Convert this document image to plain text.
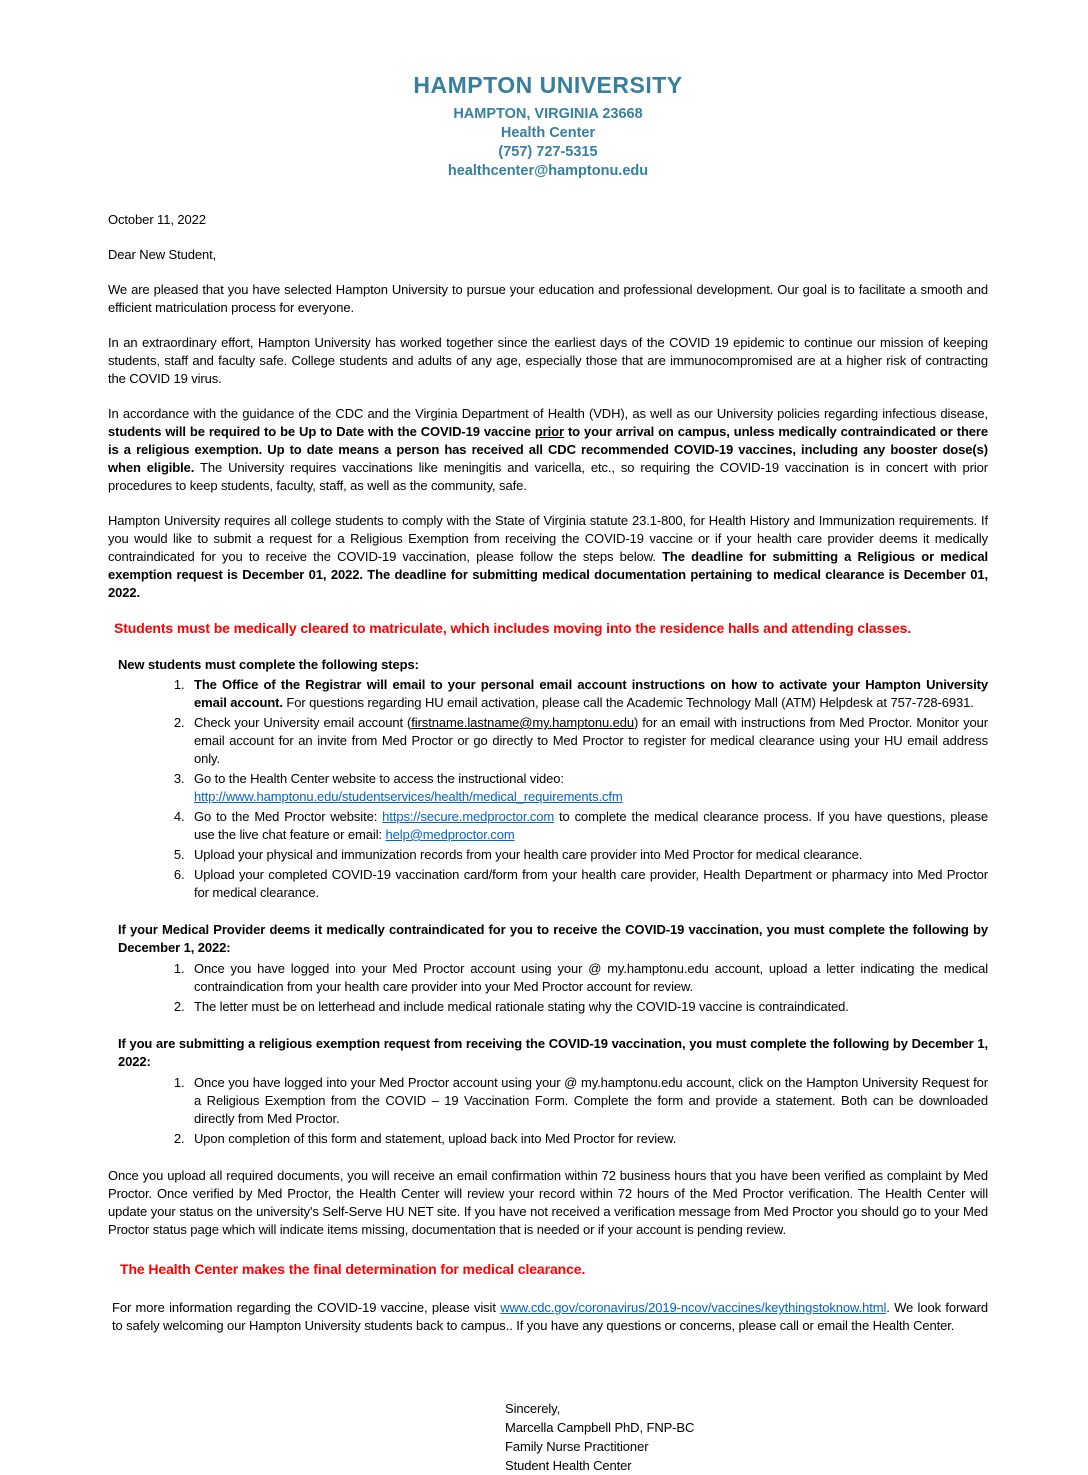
HAMPTON UNIVERSITY
HAMPTON, VIRGINIA 23668
Health Center
(757) 727-5315
healthcenter@hamptonu.edu

October 11, 2022

Dear New Student,

We are pleased that you have selected Hampton University to pursue your education and professional development. Our goal is to facilitate a smooth and efficient matriculation process for everyone.

In an extraordinary effort, Hampton University has worked together since the earliest days of the COVID 19 epidemic to continue our mission of keeping students, staff and faculty safe. College students and adults of any age, especially those that are immunocompromised are at a higher risk of contracting the COVID 19 virus.

In accordance with the guidance of the CDC and the Virginia Department of Health (VDH), as well as our University policies regarding infectious disease, students will be required to be Up to Date with the COVID-19 vaccine prior to your arrival on campus, unless medically contraindicated or there is a religious exemption. Up to date means a person has received all CDC recommended COVID-19 vaccines, including any booster dose(s) when eligible. The University requires vaccinations like meningitis and varicella, etc., so requiring the COVID-19 vaccination is in concert with prior procedures to keep students, faculty, staff, as well as the community, safe.

Hampton University requires all college students to comply with the State of Virginia statute 23.1-800, for Health History and Immunization requirements. If you would like to submit a request for a Religious Exemption from receiving the COVID-19 vaccine or if your health care provider deems it medically contraindicated for you to receive the COVID-19 vaccination, please follow the steps below. The deadline for submitting a Religious or medical exemption request is December 01, 2022. The deadline for submitting medical documentation pertaining to medical clearance is December 01, 2022.

Students must be medically cleared to matriculate, which includes moving into the residence halls and attending classes.

New students must complete the following steps:

1. The Office of the Registrar will email to your personal email account instructions on how to activate your Hampton University email account. For questions regarding HU email activation, please call the Academic Technology Mall (ATM) Helpdesk at 757-728-6931.
2. Check your University email account (firstname.lastname@my.hamptonu.edu) for an email with instructions from Med Proctor. Monitor your email account for an invite from Med Proctor or go directly to Med Proctor to register for medical clearance using your HU email address only.
3. Go to the Health Center website to access the instructional video:
http://www.hamptonu.edu/studentservices/health/medical_requirements.cfm
4. Go to the Med Proctor website: https://secure.medproctor.com to complete the medical clearance process. If you have questions, please use the live chat feature or email: help@medproctor.com
5. Upload your physical and immunization records from your health care provider into Med Proctor for medical clearance.
6. Upload your completed COVID-19 vaccination card/form from your health care provider, Health Department or pharmacy into Med Proctor for medical clearance.

If your Medical Provider deems it medically contraindicated for you to receive the COVID-19 vaccination, you must complete the following by December 1, 2022:

1. Once you have logged into your Med Proctor account using your @ my.hamptonu.edu account, upload a letter indicating the medical contraindication from your health care provider into your Med Proctor account for review.
2. The letter must be on letterhead and include medical rationale stating why the COVID-19 vaccine is contraindicated.

If you are submitting a religious exemption request from receiving the COVID-19 vaccination, you must complete the following by December 1, 2022:

1. Once you have logged into your Med Proctor account using your @ my.hamptonu.edu account, click on the Hampton University Request for a Religious Exemption from the COVID – 19 Vaccination Form. Complete the form and provide a statement. Both can be downloaded directly from Med Proctor.
2. Upon completion of this form and statement, upload back into Med Proctor for review.

Once you upload all required documents, you will receive an email confirmation within 72 business hours that you have been verified as complaint by Med Proctor. Once verified by Med Proctor, the Health Center will review your record within 72 hours of the Med Proctor verification. The Health Center will update your status on the university's Self-Serve HU NET site. If you have not received a verification message from Med Proctor you should go to your Med Proctor status page which will indicate items missing, documentation that is needed or if your account is pending review.

The Health Center makes the final determination for medical clearance.

For more information regarding the COVID-19 vaccine, please visit www.cdc.gov/coronavirus/2019-ncov/vaccines/keythingstoknow.html. We look forward to safely welcoming our Hampton University students back to campus.. If you have any questions or concerns, please call or email the Health Center.

Sincerely,

Marcella Campbell PhD, FNP-BC

Family Nurse Practitioner

Student Health Center
